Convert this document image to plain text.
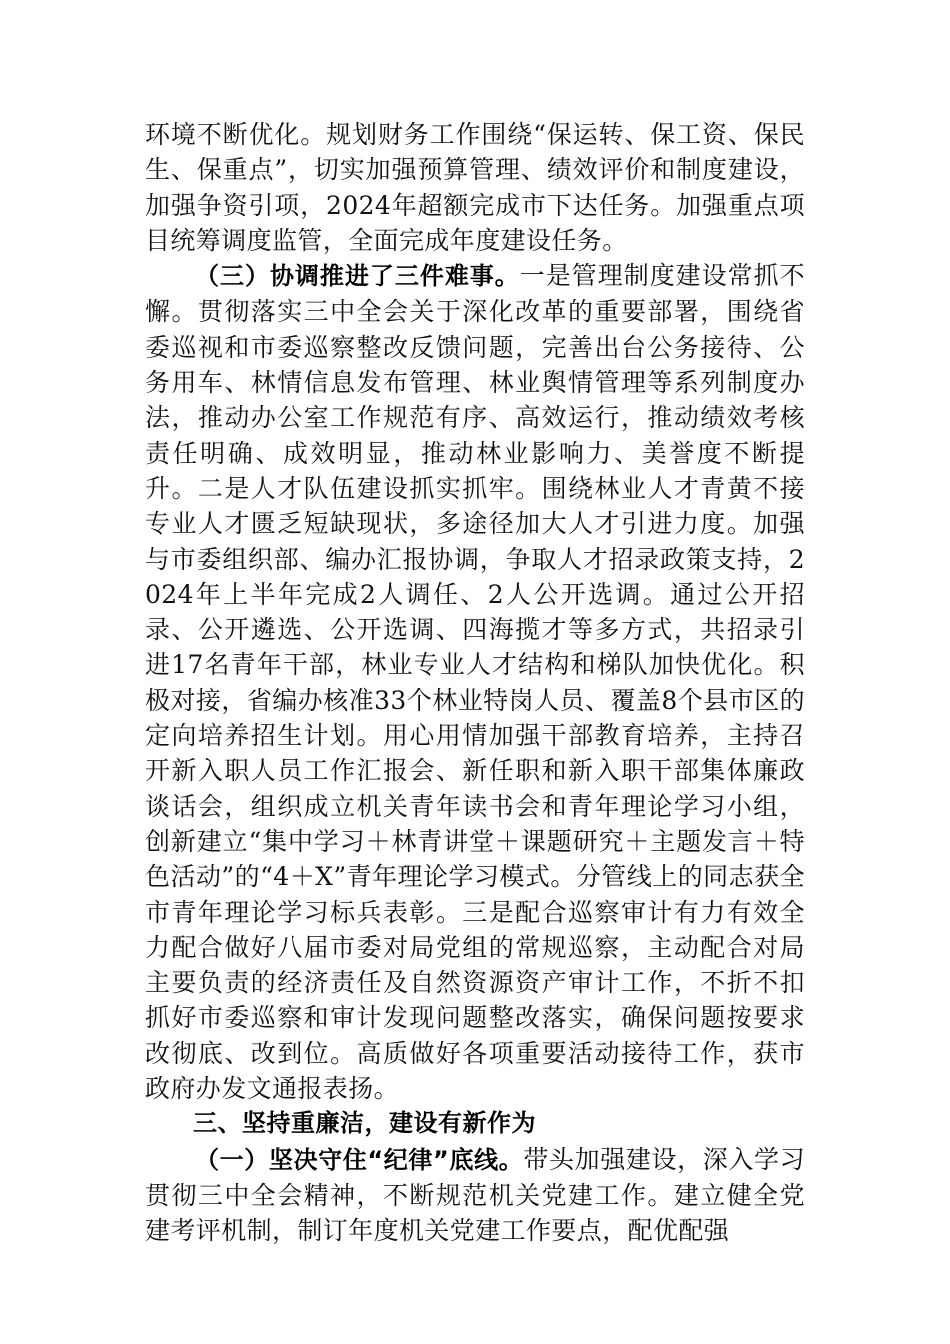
环境不断优化。规划财务工作围绕“保运转、保工资、保民生、保重点”，切实加强预算管理、绩效评价和制度建设，加强争资引项，2024年超额完成市下达任务。加强重点项目统筹调度监管，全面完成年度建设任务。

（三）协调推进了三件难事。一是管理制度建设常抓不懈。贯彻落实三中全会关于深化改革的重要部署，围绕省委巡视和市委巡察整改反馈问题，完善出台公务接待、公务用车、林情信息发布管理、林业舆情管理等系列制度办法，推动办公室工作规范有序、高效运行，推动绩效考核责任明确、成效明显，推动林业影响力、美誉度不断提升。二是人才队伍建设抓实抓牢。围绕林业人才青黄不接专业人才匮乏短缺现状，多途径加大人才引进力度。加强与市委组织部、编办汇报协调，争取人才招录政策支持，2024年上半年完成2人调任、2人公开选调。通过公开招录、公开遴选、公开选调、四海揽才等多方式，共招录引进17名青年干部，林业专业人才结构和梯队加快优化。积极对接，省编办核准33个林业特岗人员、覆盖8个县市区的定向培养招生计划。用心用情加强干部教育培养，主持召开新入职人员工作汇报会、新任职和新入职干部集体廉政谈话会，组织成立机关青年读书会和青年理论学习小组，创新建立“集中学习＋林青讲堂＋课题研究＋主题发言＋特色活动”的“4＋X”青年理论学习模式。分管线上的同志获全市青年理论学习标兵表彰。三是配合巡察审计有力有效全力配合做好八届市委对局党组的常规巡察，主动配合对局主要负责的经济责任及自然资源资产审计工作，不折不扣抓好市委巡察和审计发现问题整改落实，确保问题按要求改彻底、改到位。高质做好各项重要活动接待工作，获市政府办发文通报表扬。

三、坚持重廉洁，建设有新作为

（一）坚决守住“纪律”底线。带头加强建设，深入学习贯彻三中全会精神，不断规范机关党建工作。建立健全党建考评机制，制订年度机关党建工作要点，配优配强
